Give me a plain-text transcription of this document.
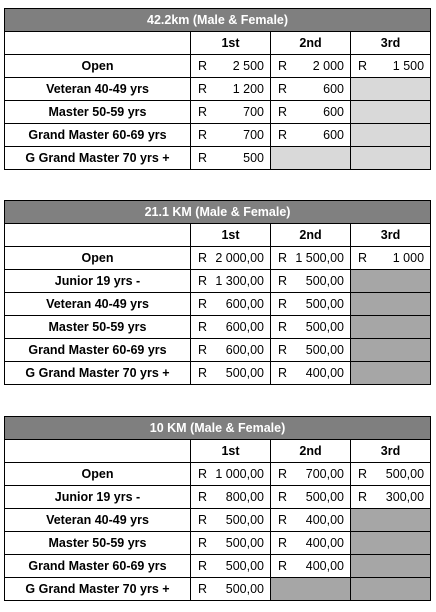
42.2km (Male & Female)			
	1st	2nd	3rd
Open	R 2 500	R 2 000	R 1 500

Veteran 40-49 yrs	R 1 200	R 600	

Master 50-59 yrs	R 700	R 600	

Grand Master 60-69 yrs	R 700	R 600	

G Grand Master 70 yrs +	R 500		

21.1 KM (Male & Female)			
	1st	2nd	3rd
Open	R 2 000,00	R 1 500,00	R 1 000

Junior 19 yrs -	R 1 300,00	R 500,00	

Veteran 40-49 yrs	R 600,00	R 500,00	

Master 50-59 yrs	R 600,00	R 500,00	

Grand Master 60-69 yrs	R 600,00	R 500,00	

G Grand Master 70 yrs +	R 500,00	R 400,00	

10 KM (Male & Female)			
	1st	2nd	3rd
Open	R 1 000,00	R 700,00	R 500,00

Junior 19 yrs -	R 800,00	R 500,00	R 300,00

Veteran 40-49 yrs	R 500,00	R 400,00	

Master 50-59 yrs	R 500,00	R 400,00	

Grand Master 60-69 yrs	R 500,00	R 400,00	

G Grand Master 70 yrs +	R 500,00		
